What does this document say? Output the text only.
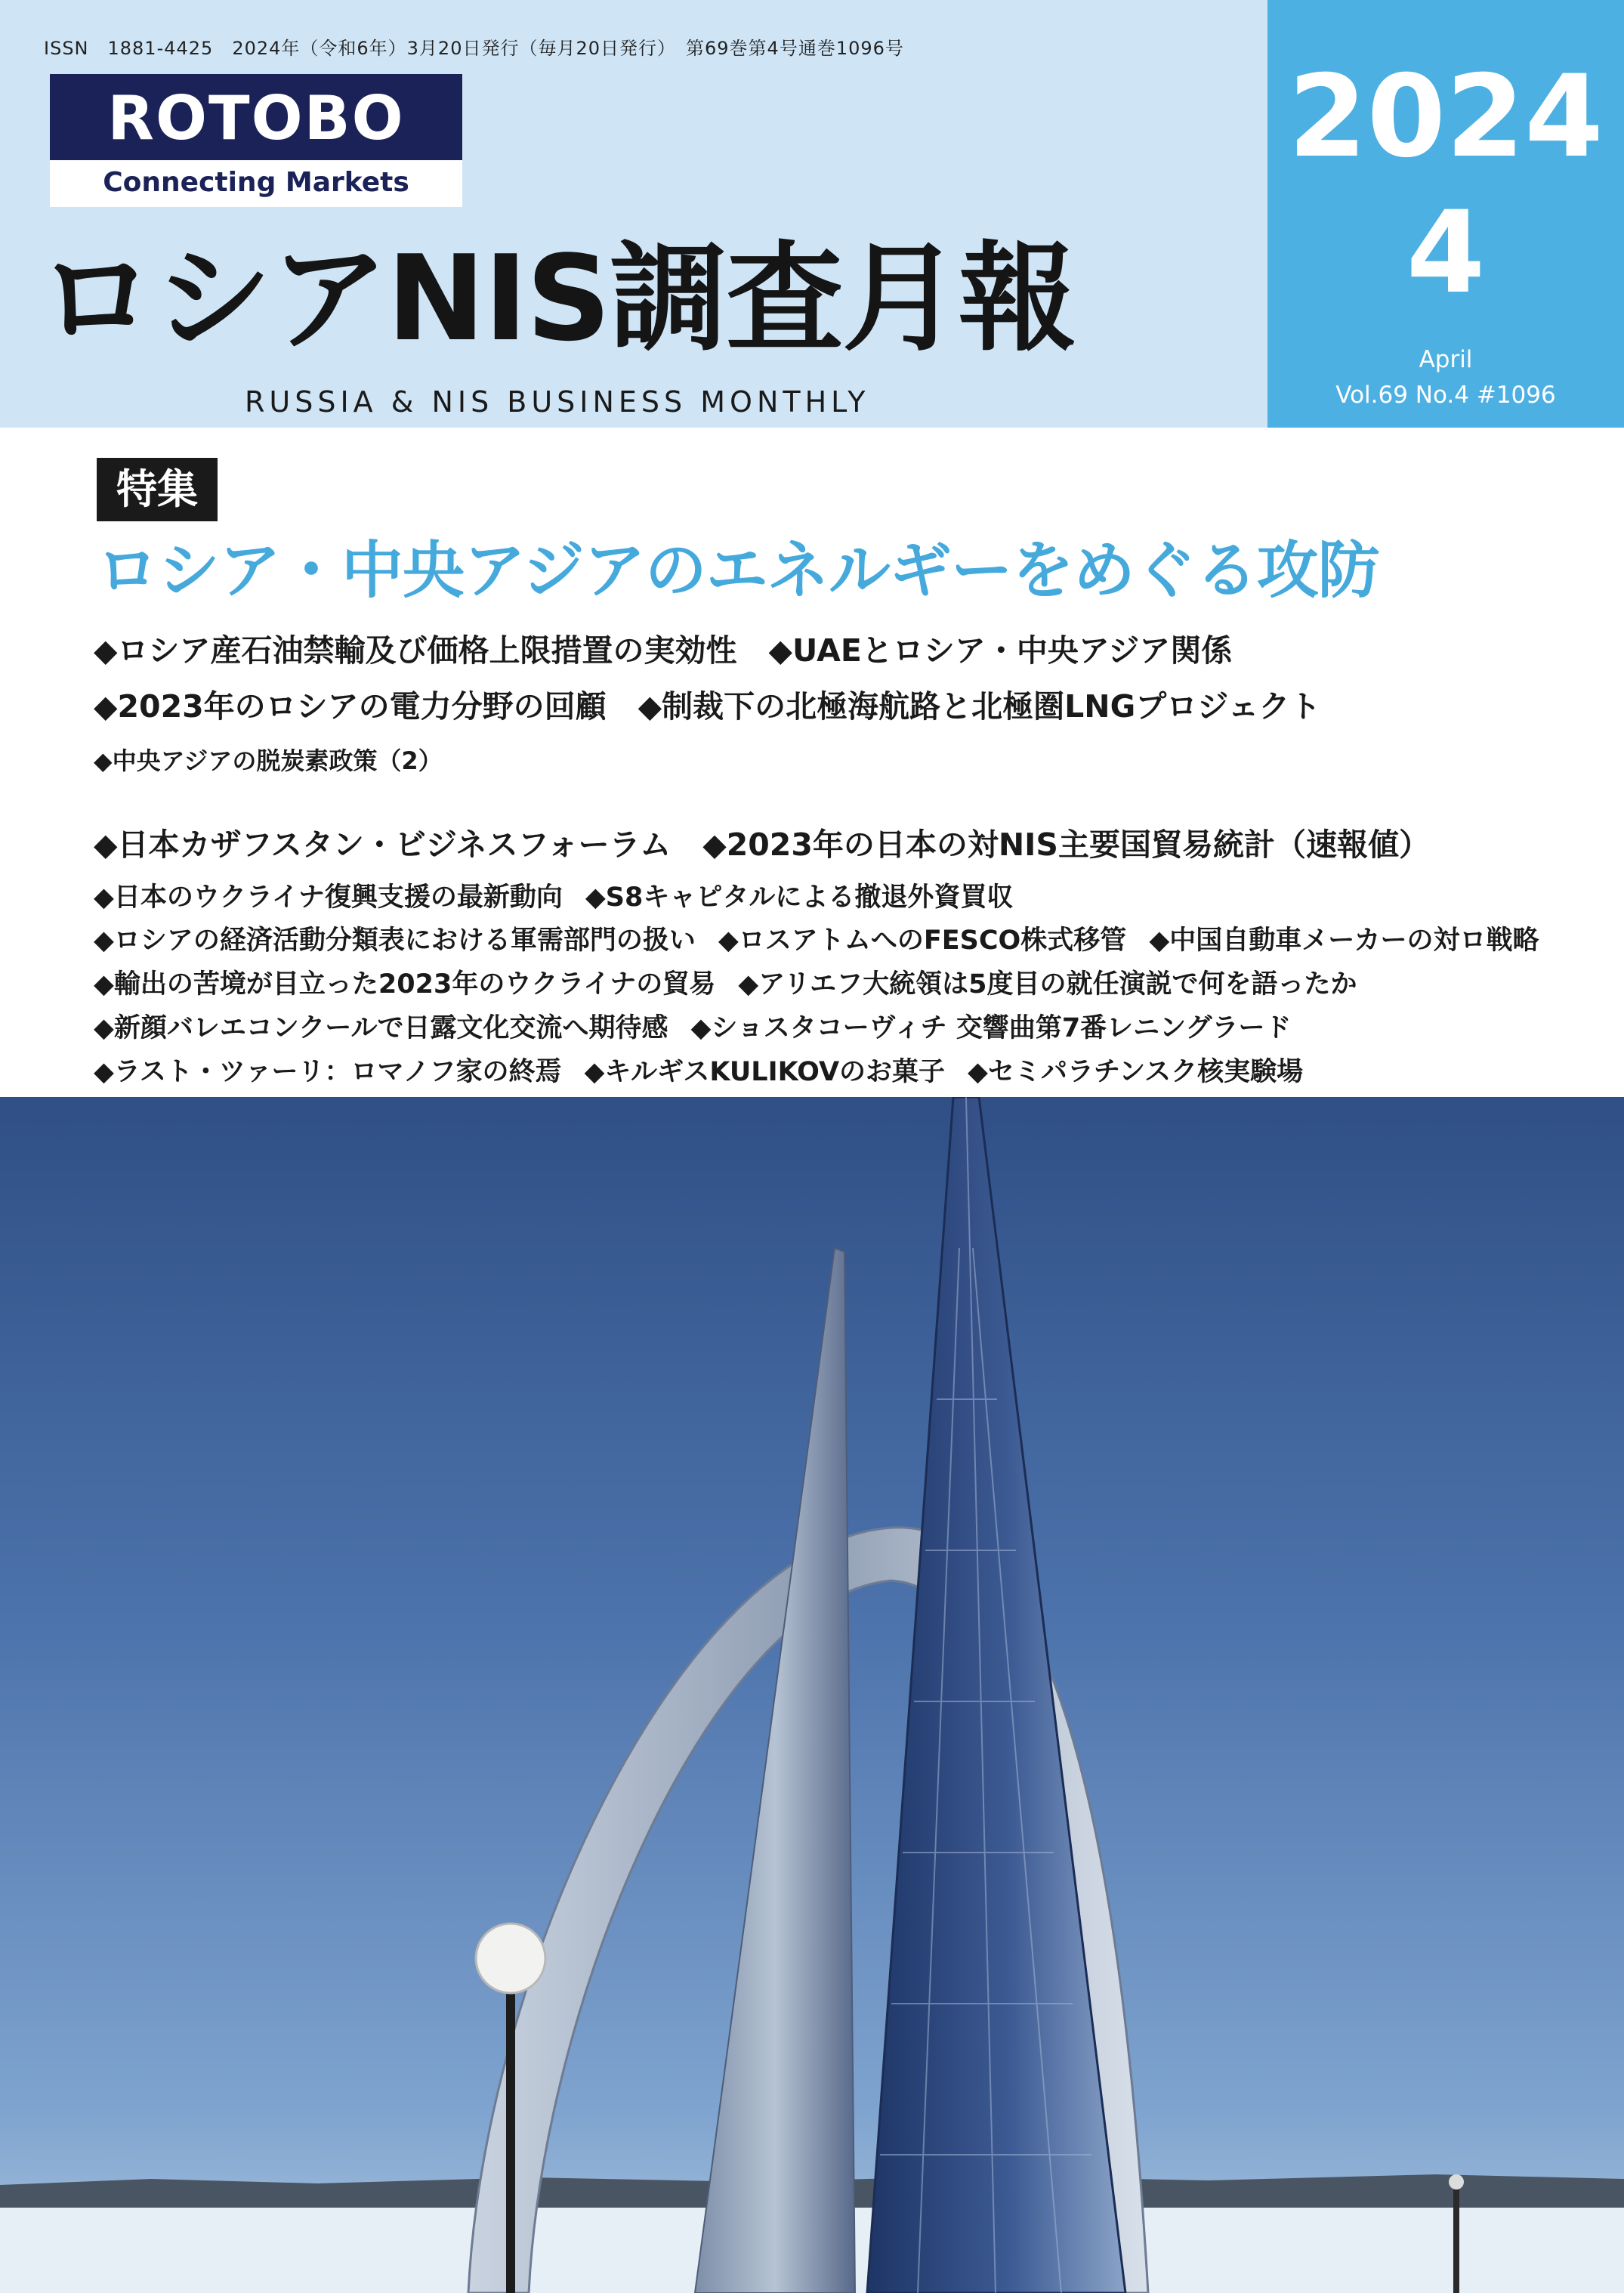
ISSN　1881-4425　2024年（令和6年）3月20日発行（毎月20日発行）　第69巻第4号通巻1096号
ROTOBO
Connecting Markets
ロシアNIS調査月報
RUSSIA & NIS BUSINESS MONTHLY
2024
4
April
Vol.69 No.4 #1096
特集
ロシア・中央アジアのエネルギーをめぐる攻防
◆ロシア産石油禁輸及び価格上限措置の実効性 ◆UAEとロシア・中央アジア関係
◆2023年のロシアの電力分野の回顧 ◆制裁下の北極海航路と北極圏LNGプロジェクト
◆中央アジアの脱炭素政策（2）
◆日本カザフスタン・ビジネスフォーラム ◆2023年の日本の対NIS主要国貿易統計（速報値）
◆日本のウクライナ復興支援の最新動向 ◆S8キャピタルによる撤退外資買収
◆ロシアの経済活動分類表における軍需部門の扱い ◆ロスアトムへのFESCO株式移管 ◆中国自動車メーカーの対ロ戦略
◆輸出の苦境が目立った2023年のウクライナの貿易 ◆アリエフ大統領は5度目の就任演説で何を語ったか
◆新顔バレエコンクールで日露文化交流へ期待感 ◆ショスタコーヴィチ 交響曲第7番レニングラード
◆ラスト・ツァーリ：ロマノフ家の終焉 ◆キルギスKULIKOVのお菓子 ◆セミパラチンスク核実験場
